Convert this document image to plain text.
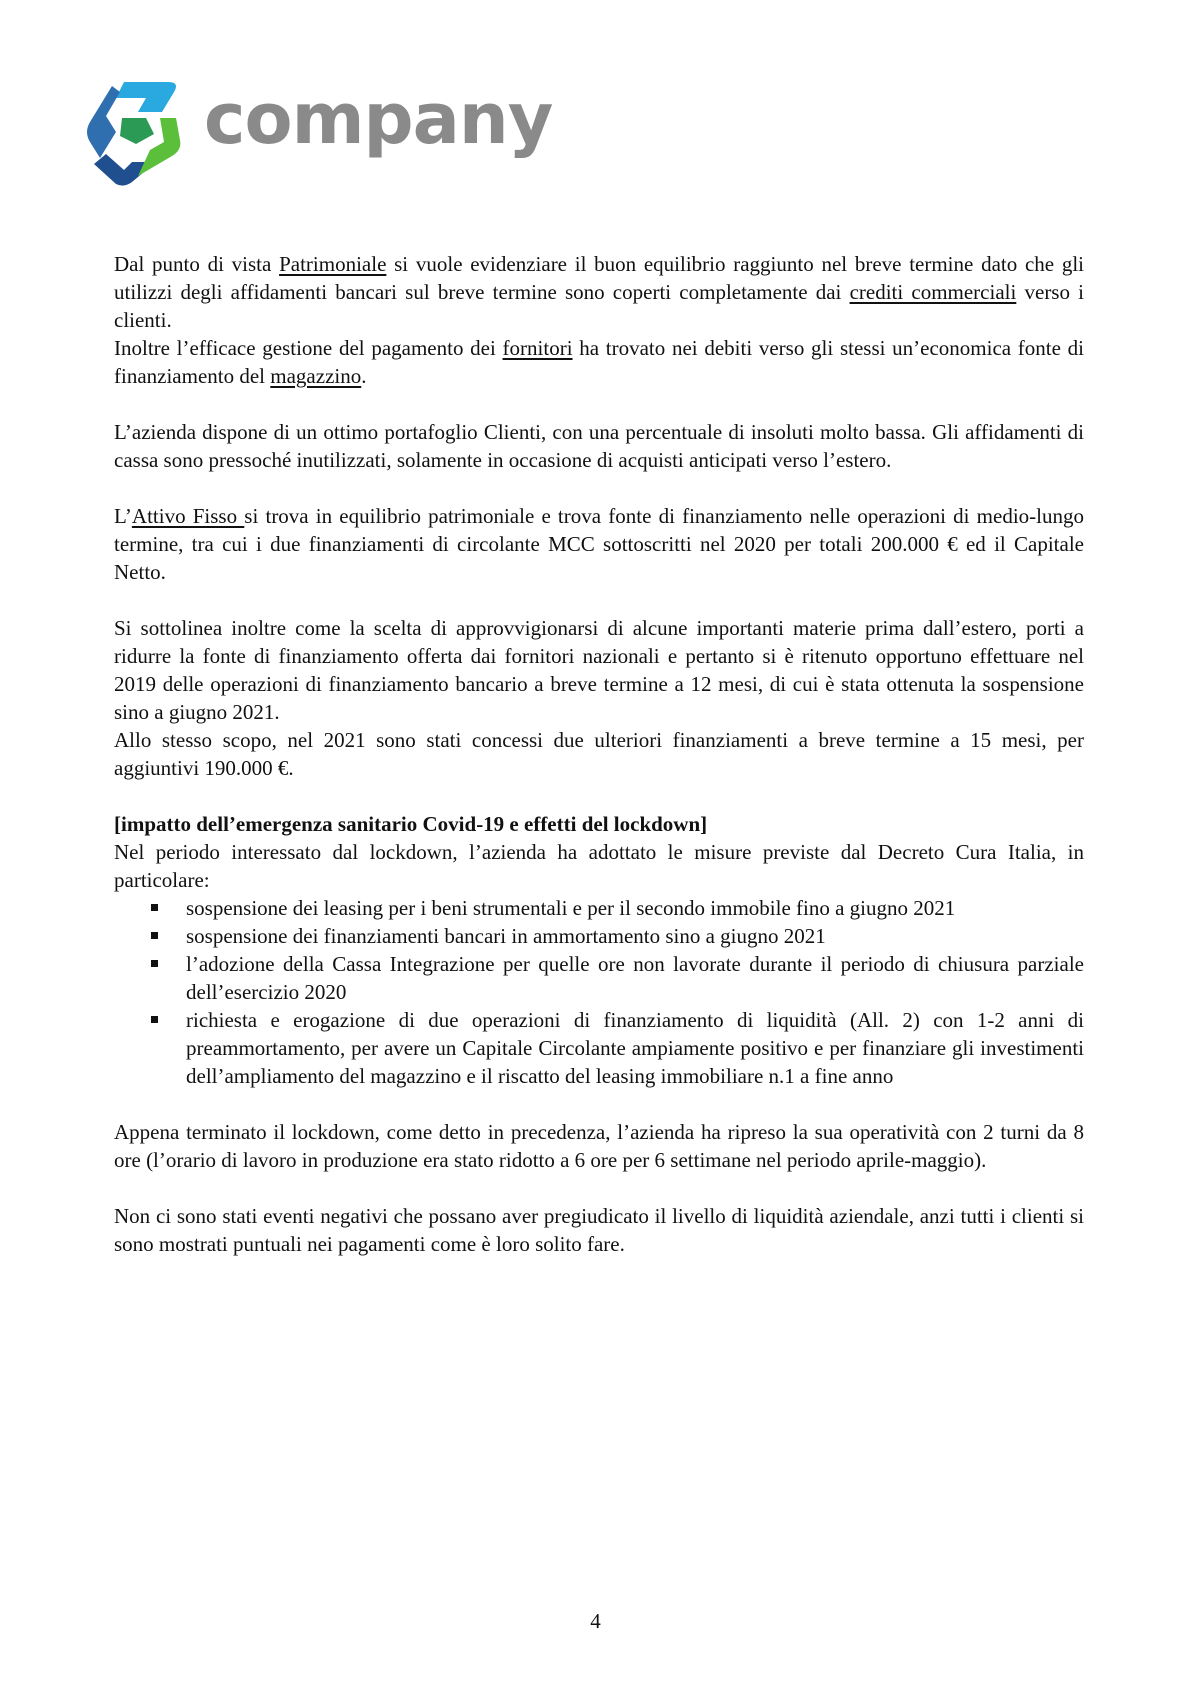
company

Dal punto di vista Patrimoniale si vuole evidenziare il buon equilibrio raggiunto nel breve termine dato che gli utilizzi degli affidamenti bancari sul breve termine sono coperti completamente dai crediti commerciali verso i clienti.

Inoltre l’efficace gestione del pagamento dei fornitori ha trovato nei debiti verso gli stessi un’economica fonte di finanziamento del magazzino.

L’azienda dispone di un ottimo portafoglio Clienti, con una percentuale di insoluti molto bassa. Gli affidamenti di cassa sono pressoché inutilizzati, solamente in occasione di acquisti anticipati verso l’estero.

L’Attivo Fisso si trova in equilibrio patrimoniale e trova fonte di finanziamento nelle operazioni di medio-lungo termine, tra cui i due finanziamenti di circolante MCC sottoscritti nel 2020 per totali 200.000 € ed il Capitale Netto.

Si sottolinea inoltre come la scelta di approvvigionarsi di alcune importanti materie prima dall’estero, porti a ridurre la fonte di finanziamento offerta dai fornitori nazionali e pertanto si è ritenuto opportuno effettuare nel 2019 delle operazioni di finanziamento bancario a breve termine a 12 mesi, di cui è stata ottenuta la sospensione sino a giugno 2021.

Allo stesso scopo, nel 2021 sono stati concessi due ulteriori finanziamenti a breve termine a 15 mesi, per aggiuntivi 190.000 €.

[impatto dell’emergenza sanitario Covid-19 e effetti del lockdown]

Nel periodo interessato dal lockdown, l’azienda ha adottato le misure previste dal Decreto Cura Italia, in particolare:

sospensione dei leasing per i beni strumentali e per il secondo immobile fino a giugno 2021
sospensione dei finanziamenti bancari in ammortamento sino a giugno 2021
l’adozione della Cassa Integrazione per quelle ore non lavorate durante il periodo di chiusura parziale dell’esercizio 2020
richiesta e erogazione di due operazioni di finanziamento di liquidità (All. 2) con 1-2 anni di preammortamento, per avere un Capitale Circolante ampiamente positivo e per finanziare gli investimenti dell’ampliamento del magazzino e il riscatto del leasing immobiliare n.1 a fine anno

Appena terminato il lockdown, come detto in precedenza, l’azienda ha ripreso la sua operatività con 2 turni da 8 ore (l’orario di lavoro in produzione era stato ridotto a 6 ore per 6 settimane nel periodo aprile-maggio).

Non ci sono stati eventi negativi che possano aver pregiudicato il livello di liquidità aziendale, anzi tutti i clienti si sono mostrati puntuali nei pagamenti come è loro solito fare.

4
